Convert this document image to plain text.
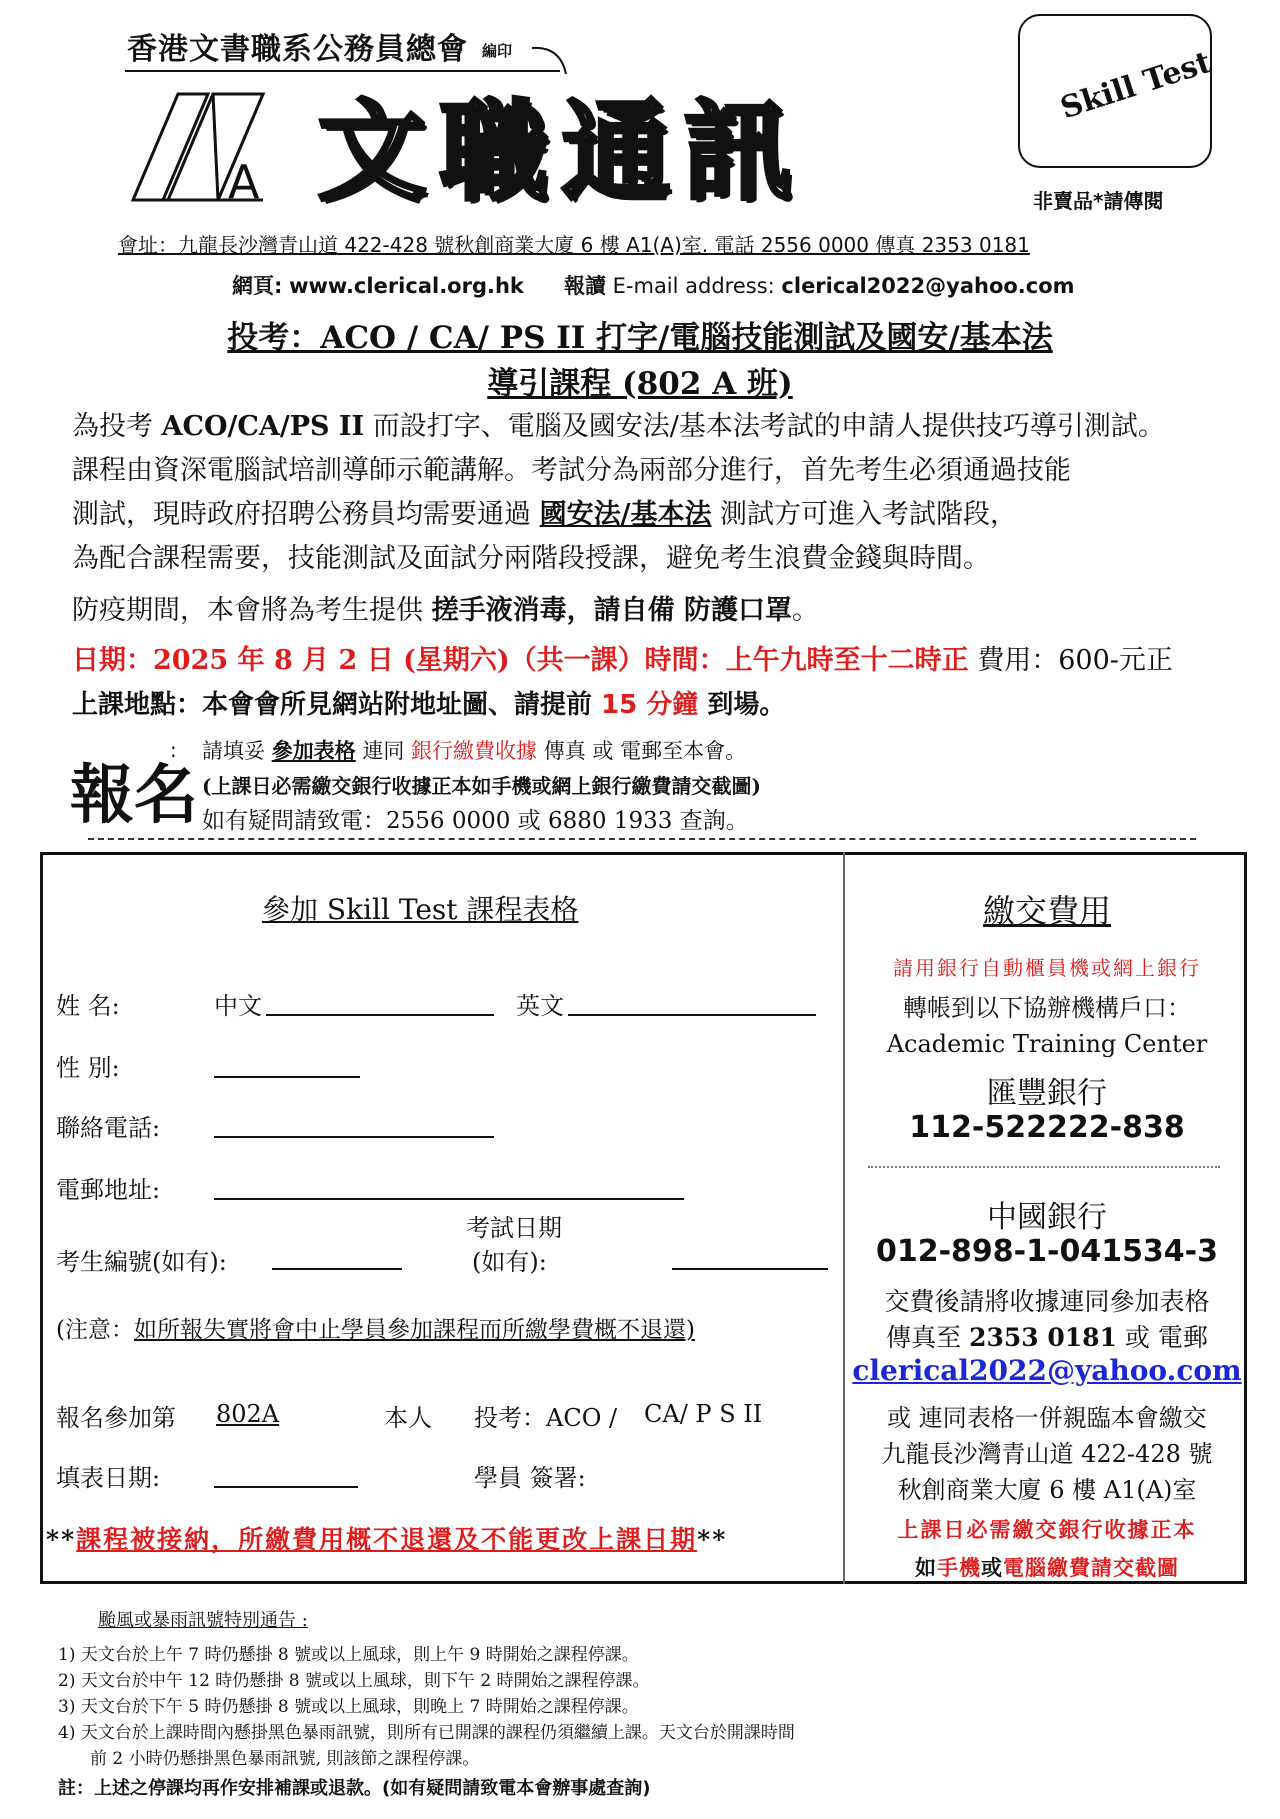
香港文書職系公務員總會 編印
A 文職通訊
Skill Test
非賣品*請傳閱
會址：九龍長沙灣青山道 422-428 號秋創商業大廈 6 樓 A1(A)室. 電話 2556 0000 傳真 2353 0181
網頁: www.clerical.org.hk 報讀 E-mail address: clerical2022@yahoo.com
投考：ACO / CA/ PS II 打字/電腦技能測試及國安/基本法
導引課程 (802 A 班)
為投考 ACO/CA/PS II 而設打字、電腦及國安法/基本法考試的申請人提供技巧導引測試。
課程由資深電腦試培訓導師示範講解。考試分為兩部分進行，首先考生必須通過技能
測試，現時政府招聘公務員均需要通過 國安法/基本法 測試方可進入考試階段，
為配合課程需要，技能測試及面試分兩階段授課，避免考生浪費金錢與時間。
防疫期間，本會將為考生提供 搓手液消毒，請自備 防護口罩。
日期：2025 年 8 月 2 日 (星期六)（共一課）時間：上午九時至十二時正 費用：600-元正
上課地點：本會會所見網站附地址圖、請提前 15 分鐘 到場。
報名
: 請填妥 參加表格 連同 銀行繳費收據 傳真 或 電郵至本會。
(上課日必需繳交銀行收據正本如手機或網上銀行繳費請交截圖)
如有疑問請致電：2556 0000 或 6880 1933 查詢。
參加 Skill Test 課程表格
姓 名:	中文	英文
性 別:
聯絡電話:
電郵地址:
考試日期
考生編號(如有):	(如有):
(注意：如所報失實將會中止學員參加課程而所繳學費概不退還)
報名參加第 802A	本人 投考：ACO / CA/ P S II
填表日期:	學員 簽署:
**課程被接納，所繳費用概不退還及不能更改上課日期**
繳交費用
請用銀行自動櫃員機或網上銀行
轉帳到以下協辦機構戶口：
Academic Training Center
匯豐銀行
112-522222-838
中國銀行
012-898-1-041534-3
交費後請將收據連同參加表格
傳真至 2353 0181 或 電郵
clerical2022@yahoo.com
或 連同表格一併親臨本會繳交
九龍長沙灣青山道 422-428 號
秋創商業大廈 6 樓 A1(A)室
上課日必需繳交銀行收據正本
如手機或電腦繳費請交截圖
颱風或暴雨訊號特別通告 :
1) 天文台於上午 7 時仍懸掛 8 號或以上風球，則上午 9 時開始之課程停課。
2) 天文台於中午 12 時仍懸掛 8 號或以上風球，則下午 2 時開始之課程停課。
3) 天文台於下午 5 時仍懸掛 8 號或以上風球，則晚上 7 時開始之課程停課。
4) 天文台於上課時間內懸掛黑色暴雨訊號，則所有已開課的課程仍須繼續上課。天文台於開課時間
前 2 小時仍懸掛黑色暴雨訊號, 則該節之課程停課。
註：上述之停課均再作安排補課或退款。(如有疑問請致電本會辦事處查詢)
